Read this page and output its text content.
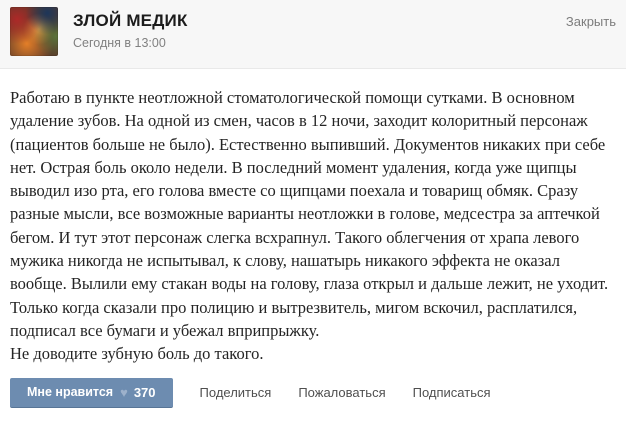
ЗЛОЙ МЕДИК
Сегодня в 13:00
Закрыть

Работаю в пункте неотложной стоматологической помощи сутками. В основном удаление зубов. На одной из смен, часов в 12 ночи, заходит колоритный персонаж (пациентов больше не было). Естественно выпивший. Документов никаких при себе нет. Острая боль около недели. В последний момент удаления, когда уже щипцы выводил изо рта, его голова вместе со щипцами поехала и товарищ обмяк. Сразу разные мысли, все возможные варианты неотложки в голове, медсестра за аптечкой бегом. И тут этот персонаж слегка всхрапнул. Такого облегчения от храпа левого мужика никогда не испытывал, к слову, нашатырь никакого эффекта не оказал вообще. Вылили ему стакан воды на голову, глаза открыл и дальше лежит, не уходит. Только когда сказали про полицию и вытрезвитель, мигом вскочил, расплатился, подписал все бумаги и убежал вприпрыжку.

Не доводите зубную боль до такого.

Мне нравится ♥ 370	Поделиться Пожаловаться Подписаться
